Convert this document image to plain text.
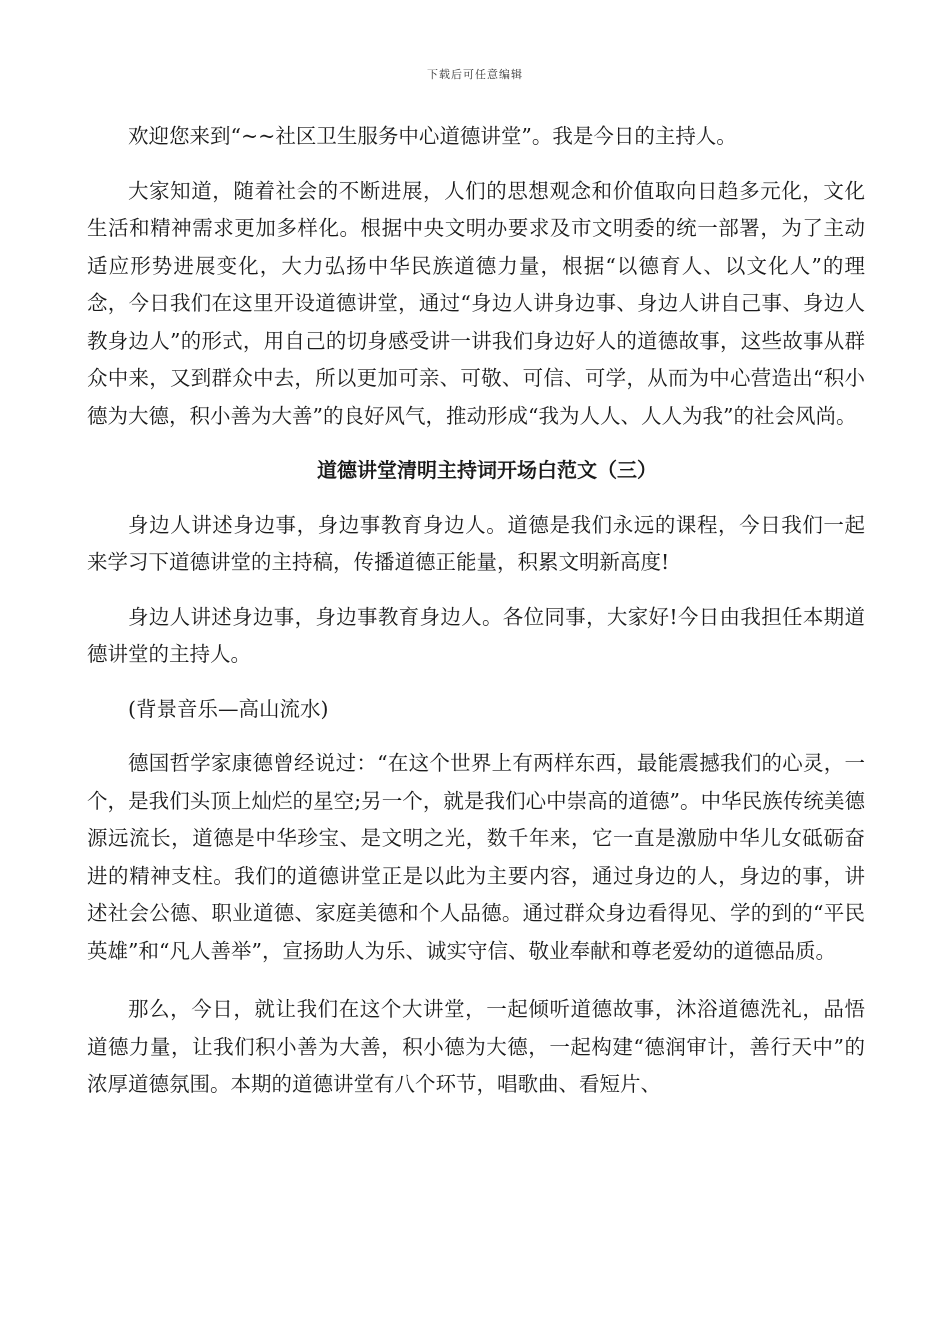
下载后可任意编辑

欢迎您来到“~~社区卫生服务中心道德讲堂”。我是今日的主持人。

大家知道，随着社会的不断进展，人们的思想观念和价值取向日趋多元化，文化生活和精神需求更加多样化。根据中央文明办要求及市文明委的统一部署，为了主动适应形势进展变化，大力弘扬中华民族道德力量，根据“以德育人、以文化人”的理念，今日我们在这里开设道德讲堂，通过“身边人讲身边事、身边人讲自己事、身边人教身边人”的形式，用自己的切身感受讲一讲我们身边好人的道德故事，这些故事从群众中来，又到群众中去，所以更加可亲、可敬、可信、可学，从而为中心营造出“积小德为大德，积小善为大善”的良好风气，推动形成“我为人人、人人为我”的社会风尚。

道德讲堂清明主持词开场白范文（三）

身边人讲述身边事，身边事教育身边人。道德是我们永远的课程，今日我们一起来学习下道德讲堂的主持稿，传播道德正能量，积累文明新高度!

身边人讲述身边事，身边事教育身边人。各位同事，大家好!今日由我担任本期道德讲堂的主持人。

(背景音乐—高山流水)

德国哲学家康德曾经说过：“在这个世界上有两样东西，最能震撼我们的心灵，一个，是我们头顶上灿烂的星空;另一个，就是我们心中崇高的道德”。中华民族传统美德源远流长，道德是中华珍宝、是文明之光，数千年来，它一直是激励中华儿女砥砺奋进的精神支柱。我们的道德讲堂正是以此为主要内容，通过身边的人，身边的事，讲述社会公德、职业道德、家庭美德和个人品德。通过群众身边看得见、学的到的“平民英雄”和“凡人善举”，宣扬助人为乐、诚实守信、敬业奉献和尊老爱幼的道德品质。

那么，今日，就让我们在这个大讲堂，一起倾听道德故事，沐浴道德洗礼，品悟道德力量，让我们积小善为大善，积小德为大德，一起构建“德润审计，善行天中”的浓厚道德氛围。本期的道德讲堂有八个环节，唱歌曲、看短片、
